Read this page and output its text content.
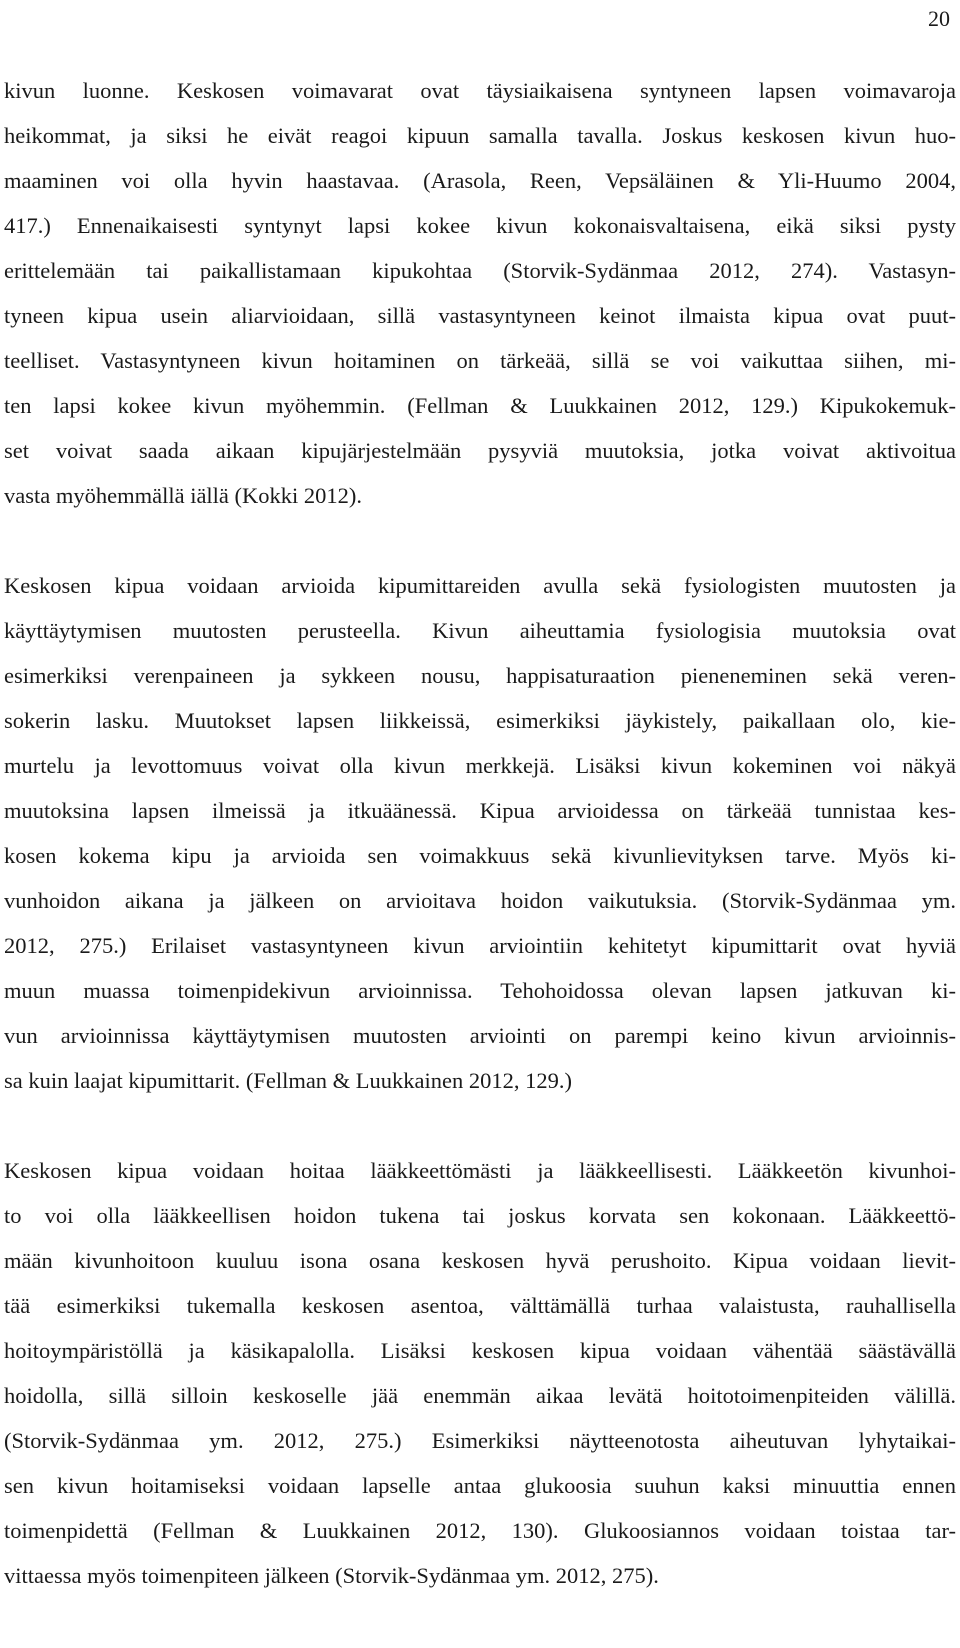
20
kivun luonne. Keskosen voimavarat ovat täysiaikaisena syntyneen lapsen voimavaroja
heikommat, ja siksi he eivät reagoi kipuun samalla tavalla. Joskus keskosen kivun huo-
maaminen voi olla hyvin haastavaa. (Arasola, Reen, Vepsäläinen & Yli-Huumo 2004,
417.) Ennenaikaisesti syntynyt lapsi kokee kivun kokonaisvaltaisena, eikä siksi pysty
erittelemään tai paikallistamaan kipukohtaa (Storvik-Sydänmaa 2012, 274). Vastasyn-
tyneen kipua usein aliarvioidaan, sillä vastasyntyneen keinot ilmaista kipua ovat puut-
teelliset. Vastasyntyneen kivun hoitaminen on tärkeää, sillä se voi vaikuttaa siihen, mi-
ten lapsi kokee kivun myöhemmin. (Fellman & Luukkainen 2012, 129.) Kipukokemuk-
set voivat saada aikaan kipujärjestelmään pysyviä muutoksia, jotka voivat aktivoitua
vasta myöhemmällä iällä (Kokki 2012).
Keskosen kipua voidaan arvioida kipumittareiden avulla sekä fysiologisten muutosten ja
käyttäytymisen muutosten perusteella. Kivun aiheuttamia fysiologisia muutoksia ovat
esimerkiksi verenpaineen ja sykkeen nousu, happisaturaation pieneneminen sekä veren-
sokerin lasku. Muutokset lapsen liikkeissä, esimerkiksi jäykistely, paikallaan olo, kie-
murtelu ja levottomuus voivat olla kivun merkkejä. Lisäksi kivun kokeminen voi näkyä
muutoksina lapsen ilmeissä ja itkuäänessä. Kipua arvioidessa on tärkeää tunnistaa kes-
kosen kokema kipu ja arvioida sen voimakkuus sekä kivunlievityksen tarve. Myös ki-
vunhoidon aikana ja jälkeen on arvioitava hoidon vaikutuksia. (Storvik-Sydänmaa ym.
2012, 275.) Erilaiset vastasyntyneen kivun arviointiin kehitetyt kipumittarit ovat hyviä
muun muassa toimenpidekivun arvioinnissa. Tehohoidossa olevan lapsen jatkuvan ki-
vun arvioinnissa käyttäytymisen muutosten arviointi on parempi keino kivun arvioinnis-
sa kuin laajat kipumittarit. (Fellman & Luukkainen 2012, 129.)
Keskosen kipua voidaan hoitaa lääkkeettömästi ja lääkkeellisesti. Lääkkeetön kivunhoi-
to voi olla lääkkeellisen hoidon tukena tai joskus korvata sen kokonaan. Lääkkeettö-
mään kivunhoitoon kuuluu isona osana keskosen hyvä perushoito. Kipua voidaan lievit-
tää esimerkiksi tukemalla keskosen asentoa, välttämällä turhaa valaistusta, rauhallisella
hoitoympäristöllä ja käsikapalolla. Lisäksi keskosen kipua voidaan vähentää säästävällä
hoidolla, sillä silloin keskoselle jää enemmän aikaa levätä hoitotoimenpiteiden välillä.
(Storvik-Sydänmaa ym. 2012, 275.) Esimerkiksi näytteenotosta aiheutuvan lyhytaikai-
sen kivun hoitamiseksi voidaan lapselle antaa glukoosia suuhun kaksi minuuttia ennen
toimenpidettä (Fellman & Luukkainen 2012, 130). Glukoosiannos voidaan toistaa tar-
vittaessa myös toimenpiteen jälkeen (Storvik-Sydänmaa ym. 2012, 275).
